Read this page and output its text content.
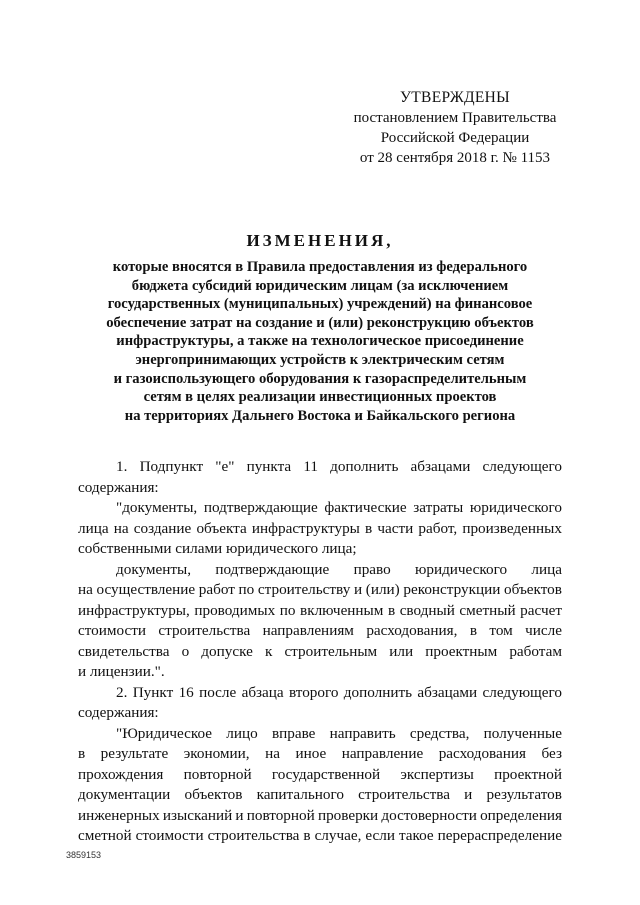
УТВЕРЖДЕНЫ
постановлением Правительства
Российской Федерации
от 28 сентября 2018 г. № 1153
ИЗМЕНЕНИЯ,
которые вносятся в Правила предоставления из федерального
бюджета субсидий юридическим лицам (за исключением
государственных (муниципальных) учреждений) на финансовое
обеспечение затрат на создание и (или) реконструкцию объектов
инфраструктуры, а также на технологическое присоединение
энергопринимающих устройств к электрическим сетям
и газоиспользующего оборудования к газораспределительным
сетям в целях реализации инвестиционных проектов
на территориях Дальнего Востока и Байкальского региона
1. Подпункт "е" пункта 11 дополнить абзацами следующего
содержания:
"документы, подтверждающие фактические затраты юридического
лица на создание объекта инфраструктуры в части работ, произведенных
собственными силами юридического лица;
документы, подтверждающие право юридического лица
на осуществление работ по строительству и (или) реконструкции объектов
инфраструктуры, проводимых по включенным в сводный сметный расчет
стоимости строительства направлениям расходования, в том числе
свидетельства о допуске к строительным или проектным работам
и лицензии.".
2. Пункт 16 после абзаца второго дополнить абзацами следующего
содержания:
"Юридическое лицо вправе направить средства, полученные
в результате экономии, на иное направление расходования без
прохождения повторной государственной экспертизы проектной
документации объектов капитального строительства и результатов
инженерных изысканий и повторной проверки достоверности определения
сметной стоимости строительства в случае, если такое перераспределение
3859153
